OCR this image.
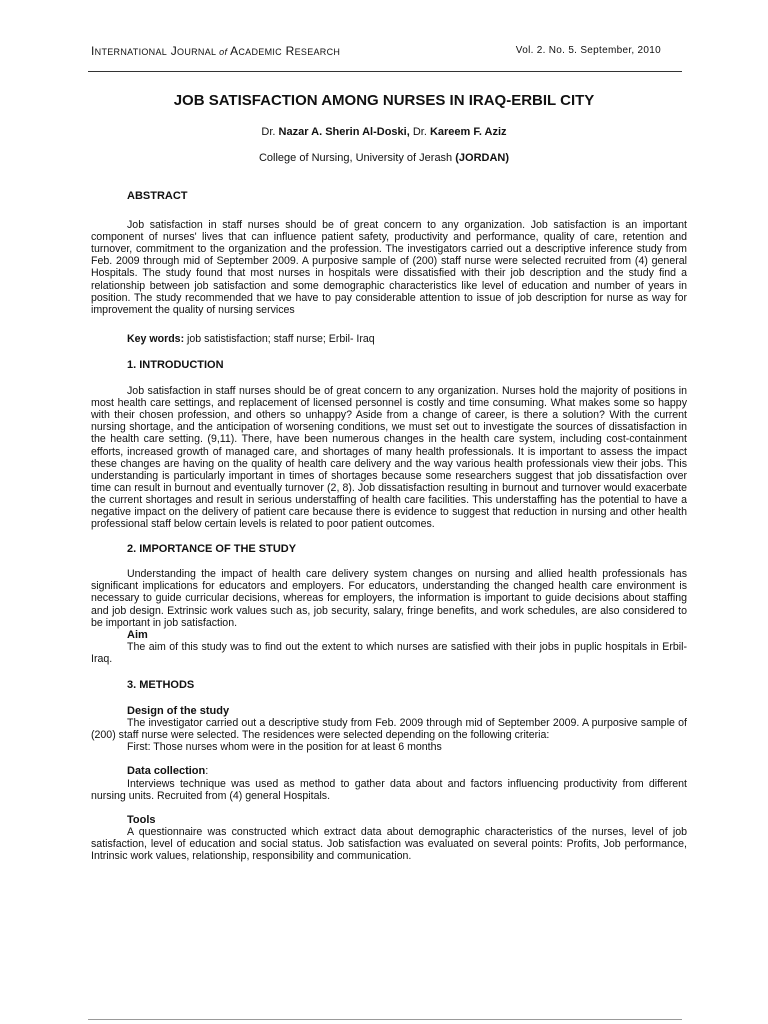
INTERNATIONAL JOURNAL of ACADEMIC RESEARCH	Vol. 2. No. 5. September, 2010
JOB SATISFACTION AMONG NURSES IN IRAQ-ERBIL CITY
Dr. Nazar A. Sherin Al-Doski, Dr. Kareem F. Aziz
College of Nursing, University of Jerash (JORDAN)
ABSTRACT

Job satisfaction in staff nurses should be of great concern to any organization. Job satisfaction is an important component of nurses' lives that can influence patient safety, productivity and performance, quality of care, retention and turnover, commitment to the organization and the profession. The investigators carried out a descriptive inference study from Feb. 2009 through mid of September 2009. A purposive sample of (200) staff nurse were selected recruited from (4) general Hospitals. The study found that most nurses in hospitals were dissatisfied with their job description and the study find a relationship between job satisfaction and some demographic characteristics like level of education and number of years in position. The study recommended that we have to pay considerable attention to issue of job description for nurse as way for improvement the quality of nursing services

Key words: job satistisfaction; staff nurse; Erbil- Iraq
1. INTRODUCTION

Job satisfaction in staff nurses should be of great concern to any organization. Nurses hold the majority of positions in most health care settings, and replacement of licensed personnel is costly and time consuming. What makes some so happy with their chosen profession, and others so unhappy? Aside from a change of career, is there a solution? With the current nursing shortage, and the anticipation of worsening conditions, we must set out to investigate the sources of dissatisfaction in the health care setting. (9,11). There, have been numerous changes in the health care system, including cost-containment efforts, increased growth of managed care, and shortages of many health professionals. It is important to assess the impact these changes are having on the quality of health care delivery and the way various health professionals view their jobs. This understanding is particularly important in times of shortages because some researchers suggest that job dissatisfaction over time can result in burnout and eventually turnover (2, 8). Job dissatisfaction resulting in burnout and turnover would exacerbate the current shortages and result in serious understaffing of health care facilities. This understaffing has the potential to have a negative impact on the delivery of patient care because there is evidence to suggest that reduction in nursing and other health professional staff below certain levels is related to poor patient outcomes.

2. IMPORTANCE OF THE STUDY

Understanding the impact of health care delivery system changes on nursing and allied health professionals has significant implications for educators and employers. For educators, understanding the changed health care environment is necessary to guide curricular decisions, whereas for employers, the information is important to guide decisions about staffing and job design. Extrinsic work values such as, job security, salary, fringe benefits, and work schedules, are also considered to be important in job satisfaction.

Aim

The aim of this study was to find out the extent to which nurses are satisfied with their jobs in puplic hospitals in Erbil- Iraq.

3. METHODS
Design of the study

The investigator carried out a descriptive study from Feb. 2009 through mid of September 2009. A purposive sample of (200) staff nurse were selected. The residences were selected depending on the following criteria:

First: Those nurses whom were in the position for at least 6 months
Data collection:

Interviews technique was used as method to gather data about and factors influencing productivity from different nursing units. Recruited from (4) general Hospitals.

Tools

A questionnaire was constructed which extract data about demographic characteristics of the nurses, level of job satisfaction, level of education and social status. Job satisfaction was evaluated on several points: Profits, Job performance, Intrinsic work values, relationship, responsibility and communication.
